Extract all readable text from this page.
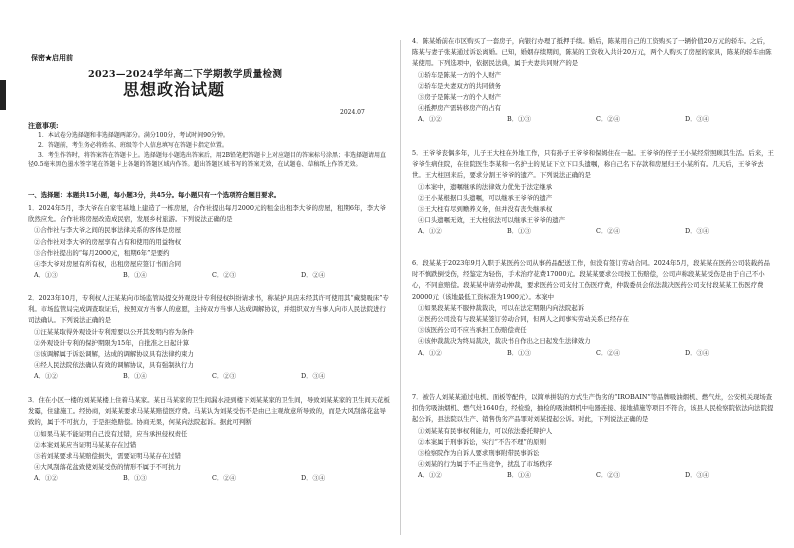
保密★启用前
2023—2024学年高二下学期教学质量检测
思想政治试题
2024.07
注意事项:

1．本试卷分选择题和非选择题两部分。满分100分，考试时间90分钟。

2．答题前，考生务必将姓名、班级等个人信息填写在答题卡指定位置。

3．考生作答时，将答案答在答题卡上。选择题每小题选出答案后，用2B铅笔把答题卡上对应题目的答案标号涂黑；非选择题请用直径0.5毫米黑色墨水签字笔在答题卡上各题的答题区域内作答。超出答题区域书写的答案无效，在试题卷、草稿纸上作答无效。

一、选择题：本题共15小题，每小题3分，共45分。每小题只有一个选项符合题目要求。

1．2024年5月，李大爷在自家宅基地上建造了一栋房屋，合作社提出每月2000元的租金出租李大爷的房屋，租期6年，李大爷欣然应允。合作社将房屋改造成民宿，发展乡村旅游。下列说法正确的是

①合作社与李大爷之间的民事法律关系的客体是房屋

②合作社对李大爷的房屋享有占有和使用的用益物权

③合作社提出的“每月2000元，租期6年”是要约

④李大爷对房屋有所有权，出租房屋应签订书面合同

A．①③	B．①④	C．②③	D．②④

2．2023年10月，专利权人汪某某向市场监管局提交外观设计专利侵权纠纷请求书，称某护具店未经其许可使用其“藏獒吸床”专利。市场监管局完成调查取证后，按照双方当事人的意愿，主持双方当事人达成调解协议，并组织双方当事人向市人民法院进行司法确认。下列说法正确的是

①汪某某取得外观设计专利需要以公开其发明内容为条件

②外观设计专利的保护期限为15年，自批准之日起计算

③该调解属于诉讼调解，达成的调解协议具有法律约束力

④经人民法院依法确认有效的调解协议，具有强制执行力

A．①②	B．①④	C．②③	D．③④

3．住在小区一楼的刘某某楼上住着马某家。某日马某家的卫生间漏水浸到楼下刘某某家的卫生间，导致刘某某家的卫生间天花板发霉，住建施工。经协商，刘某某要求马某某赔偿医疗费。马某认为刘某受伤不是由已主观故意所导致的，而是大风刮落花盆导致的，属于不可抗力，于是拒绝赔偿。协商无果，何某向法院起诉。据此可判断

①如果马某不能证明自己没有过错，应当承担侵权责任

②本案刘某应当证明马某某存在过错

③若刘某要求马某赔偿损失，需要证明马某存在过错

④大风刮落花盆致使刘某受伤的情形不属于不可抗力

A．①②	B．①③	C．②④	D．③④

4．陈某婚前在市区购买了一套房子，向银行办理了抵押手续。婚后，陈某用自己的工资购买了一辆价值20万元的轿车。之后，陈某与妻子张某通过诉讼离婚。已知，婚姻存续期间，陈某的工资收入共计20万元，两个人购买了房屋的家具，陈某的轿车由陈某使用。下列选项中，依据民法典，属于夫妻共同财产的是

①轿车是陈某一方的个人财产

②轿车是夫妻双方的共同债务

③房子是陈某一方的个人财产

④抵押房产需转移房产的占有

A．①②	B．①③	C．②④	D．③④

5．王爷爷丧偶多年，儿子王大柱在外地工作，只有孙子王爷爷和保姆住在一起。王爷爷的侄子王小某经常照顾其生活。后来，王爷爷生病住院，在住院医生李某和一名护士的见证下立下口头遗嘱，称自己名下存款和房屋归王小某所有。几天后，王爷爷去世。王大柱回来后，要求分割王爷爷的遗产。下列说法正确的是

①本案中，遗嘱继承的法律效力优先于法定继承

②王小某根据口头遗嘱，可以继承王爷爷的遗产

③王大柱有尽到赡养义务，但并没有丧失继承权

④口头遗嘱无效，王大柱依法可以继承王爷爷的遗产

A．①②	B．①③	C．②④	D．③④

6．段某某于2023年9月入职于某医药公司从事药品配送工作，但没有签订劳动合同。2024年5月，段某某在医药公司装载药品时不慎跌倒受伤，经鉴定为轻伤，手术治疗花费17000元。段某某要求公司按工伤赔偿，公司声称段某某受伤是由于自己不小心，不同意赔偿。段某某申请劳动仲裁，要求医药公司支付工伤医疗费，仲裁委员会依法裁决医药公司支付段某某工伤医疗费20000元（该地最低工资标准为1900元）。本案中

①如果段某某不服仲裁裁决，可以在法定期限内向法院起诉

②医药公司没有与段某某签订劳动合同，但两人之间事实劳动关系已经存在

③该医药公司不应当承担工伤赔偿责任

④该仲裁裁决为终局裁决，裁决书自作出之日起发生法律效力

A．①②	B．①③	C．②④	D．③④

7．被告人刘某某通过电机、面板等配件，以简单拼装的方式生产伪劣的“IROBAIN”等品牌吸油烟机、燃气灶，公安机关现场查扣伪劣吸油烟机、燃气灶1640台，经检验，抽检的吸油烟机中电器连接、接地措施等项目不符合，该县人民检察院依法向法院提起公诉，县法院以生产、销售伪劣产品罪对刘某提起公诉。对此，下列说法正确的是

①刘某某有民事权利能力，可以依法委托辩护人

②本案属于刑事诉讼，实行“不告不理”的原则

③检察院作为自诉人要求刑事附带民事诉讼

④刘某的行为属于不正当竞争，扰乱了市场秩序

A．①②	B．①④	C．②③	D．③④
